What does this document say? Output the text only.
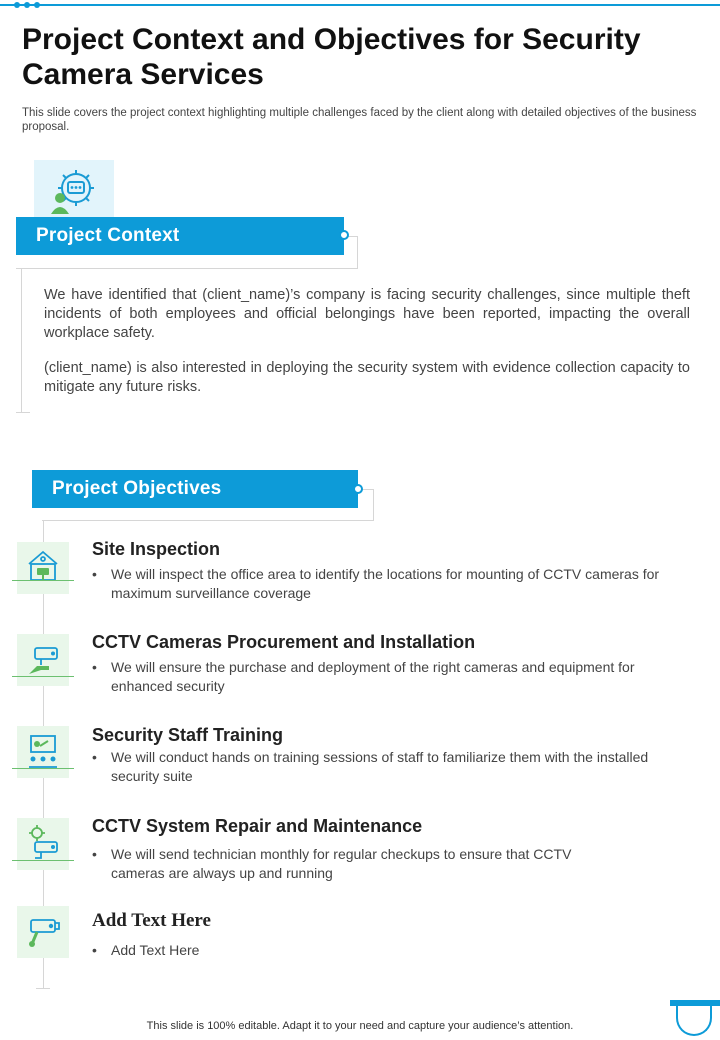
Project Context and Objectives for Security Camera Services
This slide covers the project context highlighting multiple challenges faced by the client along with detailed objectives of the business proposal.
Project Context

We have identified that (client_name)’s company is facing security challenges, since multiple theft incidents of both employees and official belongings have been reported, impacting the overall workplace safety.

(client_name) is also interested in deploying the security system with evidence collection capacity to mitigate any future risks.

Project Objectives
Site Inspection
• We will inspect the office area to identify the locations for mounting of CCTV cameras for maximum surveillance coverage
CCTV Cameras Procurement and Installation
• We will ensure the purchase and deployment of the right cameras and equipment for enhanced security
Security Staff Training
• We will conduct hands on training sessions of staff to familiarize them with the installed security suite
CCTV System Repair and Maintenance
• We will send technician monthly for regular checkups to ensure that CCTV cameras are always up and running
Add Text Here
• Add Text Here
This slide is 100% editable. Adapt it to your need and capture your audience’s attention.
